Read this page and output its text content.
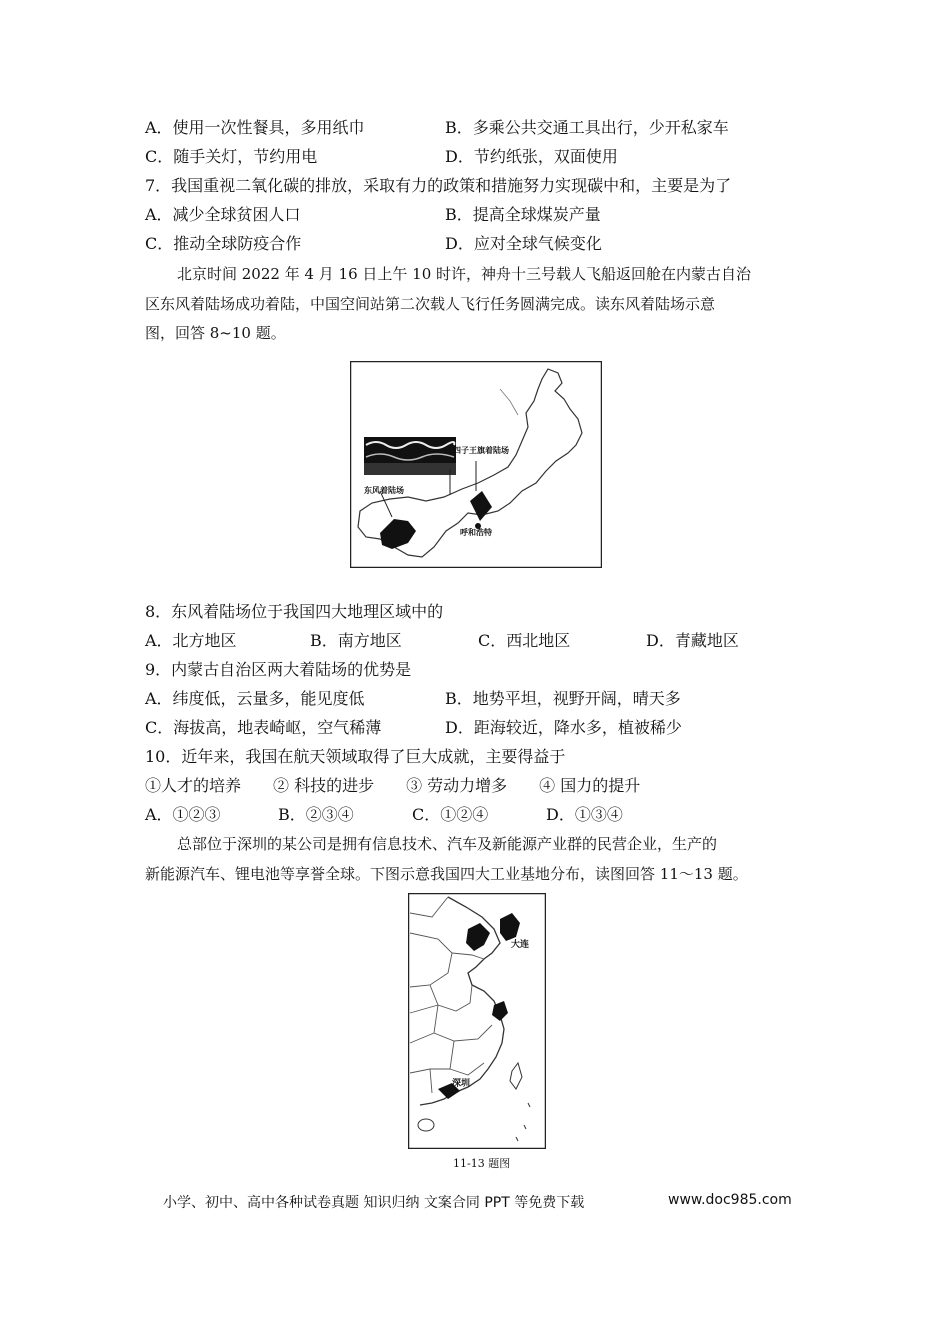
A．使用一次性餐具，多用纸巾	B．多乘公共交通工具出行，少开私家车
C．随手关灯，节约用电	D．节约纸张，双面使用
7．我国重视二氧化碳的排放，采取有力的政策和措施努力实现碳中和，主要是为了
A．减少全球贫困人口	B．提高全球煤炭产量
C．推动全球防疫合作	D．应对全球气候变化
北京时间 2022 年 4 月 16 日上午 10 时许，神舟十三号载人飞船返回舱在内蒙古自治
区东风着陆场成功着陆，中国空间站第二次载人飞行任务圆满完成。读东风着陆场示意
图，回答 8~10 题。
四子王旗着陆场
东风着陆场
呼和浩特
8．东风着陆场位于我国四大地理区域中的
A．北方地区	B．南方地区	C．西北地区	D．青藏地区
9．内蒙古自治区两大着陆场的优势是
A．纬度低，云量多，能见度低	B．地势平坦，视野开阔，晴天多
C．海拔高，地表崎岖，空气稀薄	D．距海较近，降水多，植被稀少
10．近年来，我国在航天领域取得了巨大成就，主要得益于
①人才的培养　　② 科技的进步　　③ 劳动力增多　　④ 国力的提升
A．①②③	B．②③④	C．①②④	D．①③④
总部位于深圳的某公司是拥有信息技术、汽车及新能源产业群的民营企业，生产的
新能源汽车、锂电池等享誉全球。下图示意我国四大工业基地分布，读图回答 11～13 题。
大连
深圳
11-13 题图
小学、初中、高中各种试卷真题 知识归纳 文案合同 PPT 等免费下载	www.doc985.com
